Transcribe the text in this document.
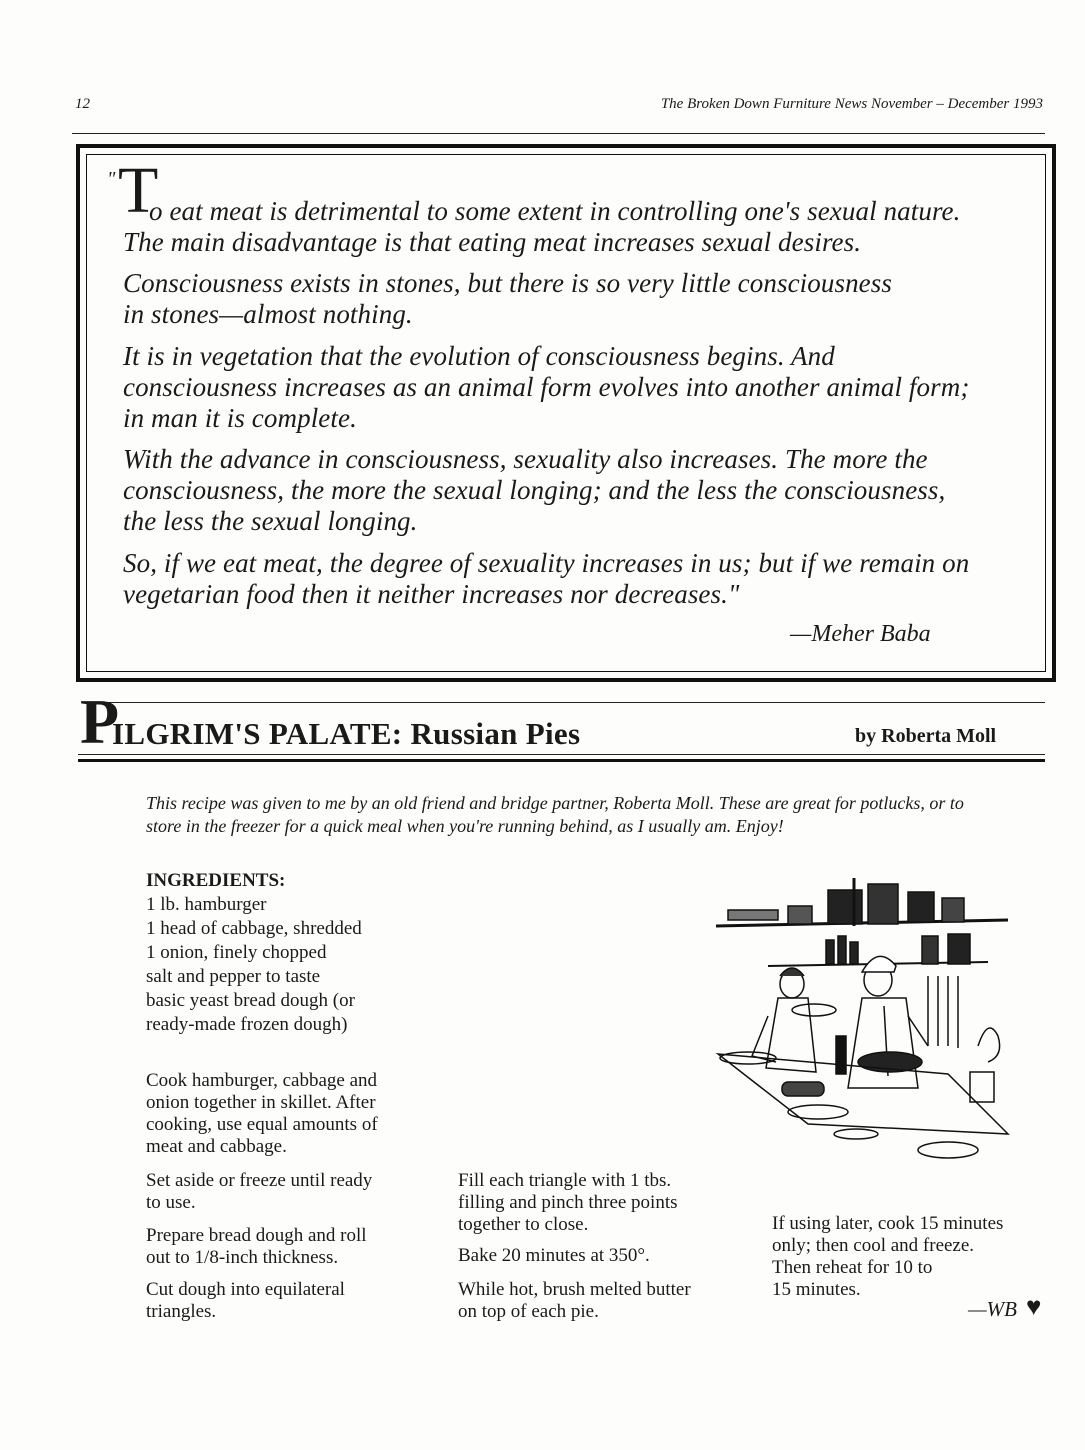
12	The Broken Down Furniture News November – December 1993
" T
o eat meat is detrimental to some extent in controlling one's sexual nature.
The main disadvantage is that eating meat increases sexual desires.
Consciousness exists in stones, but there is so very little consciousness
in stones—almost nothing.
It is in vegetation that the evolution of consciousness begins. And
consciousness increases as an animal form evolves into another animal form;
in man it is complete.
With the advance in consciousness, sexuality also increases. The more the
consciousness, the more the sexual longing; and the less the consciousness,
the less the sexual longing.
So, if we eat meat, the degree of sexuality increases in us; but if we remain on
vegetarian food then it neither increases nor decreases."
—Meher Baba
P
ILGRIM'S PALATE: Russian Pies	by Roberta Moll
This recipe was given to me by an old friend and bridge partner, Roberta Moll. These are great for potlucks, or to
store in the freezer for a quick meal when you're running behind, as I usually am. Enjoy!
INGREDIENTS:
1 lb. hamburger
1 head of cabbage, shredded
1 onion, finely chopped
salt and pepper to taste
basic yeast bread dough (or
ready-made frozen dough)
Cook hamburger, cabbage and
onion together in skillet. After
cooking, use equal amounts of
meat and cabbage.
Set aside or freeze until ready
to use.
Prepare bread dough and roll
out to 1/8-inch thickness.
Cut dough into equilateral
triangles.
Fill each triangle with 1 tbs.
filling and pinch three points
together to close.
Bake 20 minutes at 350°.
While hot, brush melted butter
on top of each pie.
If using later, cook 15 minutes
only; then cool and freeze.
Then reheat for 10 to
15 minutes.
—WB ♥
